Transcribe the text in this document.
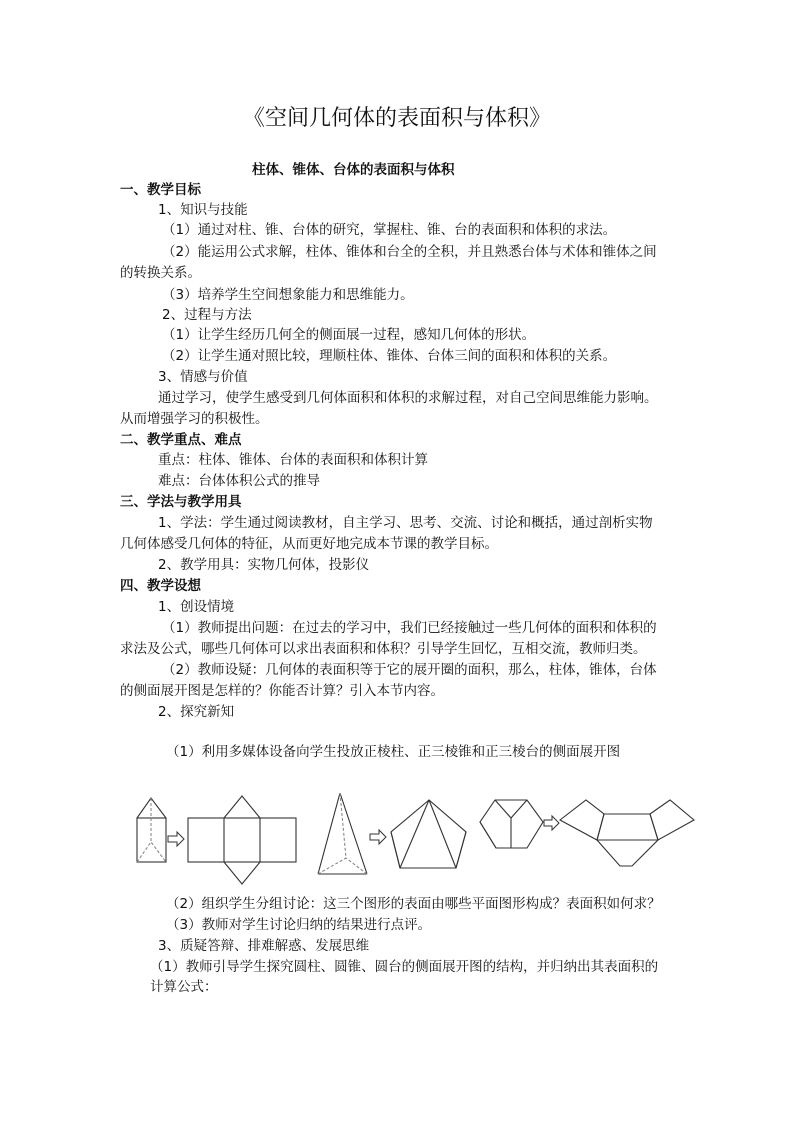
《空间几何体的表面积与体积》
柱体、锥体、台体的表面积与体积
一、教学目标
1、知识与技能
（1）通过对柱、锥、台体的研究，掌握柱、锥、台的表面积和体积的求法。
（2）能运用公式求解，柱体、锥体和台全的全积，并且熟悉台体与术体和锥体之间
的转换关系。
（3）培养学生空间想象能力和思维能力。
2、过程与方法
（1）让学生经历几何全的侧面展一过程，感知几何体的形状。
（2）让学生通对照比较，理顺柱体、锥体、台体三间的面积和体积的关系。
3、情感与价值
通过学习，使学生感受到几何体面积和体积的求解过程，对自己空间思维能力影响。
从而增强学习的积极性。
二、教学重点、难点
重点：柱体、锥体、台体的表面积和体积计算
难点：台体体积公式的推导
三、学法与教学用具
1、学法：学生通过阅读教材，自主学习、思考、交流、讨论和概括，通过剖析实物
几何体感受几何体的特征，从而更好地完成本节课的教学目标。
2、教学用具：实物几何体，投影仪
四、教学设想
1、创设情境
（1）教师提出问题：在过去的学习中，我们已经接触过一些几何体的面积和体积的
求法及公式，哪些几何体可以求出表面积和体积？引导学生回忆，互相交流，教师归类。
（2）教师设疑：几何体的表面积等于它的展开圈的面积，那么，柱体，锥体，台体
的侧面展开图是怎样的？你能否计算？引入本节内容。
2、探究新知
（1）利用多媒体设备向学生投放正棱柱、正三棱锥和正三棱台的侧面展开图
（2）组织学生分组讨论：这三个图形的表面由哪些平面图形构成？表面积如何求？
（3）教师对学生讨论归纳的结果进行点评。
3、质疑答辩、排难解惑、发展思维
（1）教师引导学生探究圆柱、圆锥、圆台的侧面展开图的结构，并归纳出其表面积的
计算公式：
